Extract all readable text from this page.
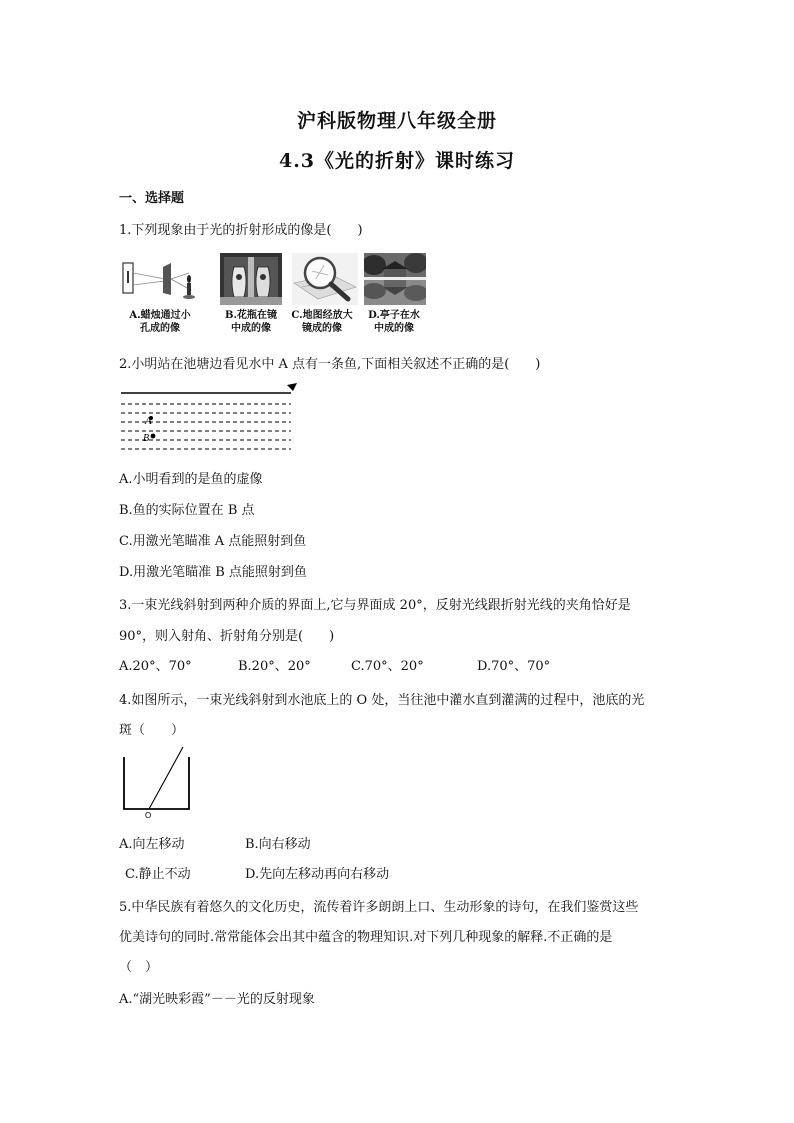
沪科版物理八年级全册
4.3《光的折射》课时练习
一、选择题
1.下列现象由于光的折射形成的像是(　　)
A.蜡烛通过小
孔成的像
B.花瓶在镜
中成的像
C.地图经放大
镜成的像
D.亭子在水
中成的像
2.小明站在池塘边看见水中 A 点有一条鱼,下面相关叙述不正确的是(　　)
A
B
A.小明看到的是鱼的虚像
B.鱼的实际位置在 B 点
C.用激光笔瞄准 A 点能照射到鱼
D.用激光笔瞄准 B 点能照射到鱼
3.一束光线斜射到两种介质的界面上,它与界面成 20°，反射光线跟折射光线的夹角恰好是
90°，则入射角、折射角分别是(　　)
A.20°、70°	B.20°、20°	C.70°、20°	D.70°、70°
4.如图所示，一束光线斜射到水池底上的 O 处，当往池中灌水直到灌满的过程中，池底的光
斑（　　）
O
A.向左移动	B.向右移动
C.静止不动	D.先向左移动再向右移动
5.中华民族有着悠久的文化历史，流传着许多朗朗上口、生动形象的诗句，在我们鉴赏这些
优美诗句的同时.常常能体会出其中蕴含的物理知识.对下列几种现象的解释.不正确的是
（　）
A.“湖光映彩霞”－－光的反射现象
